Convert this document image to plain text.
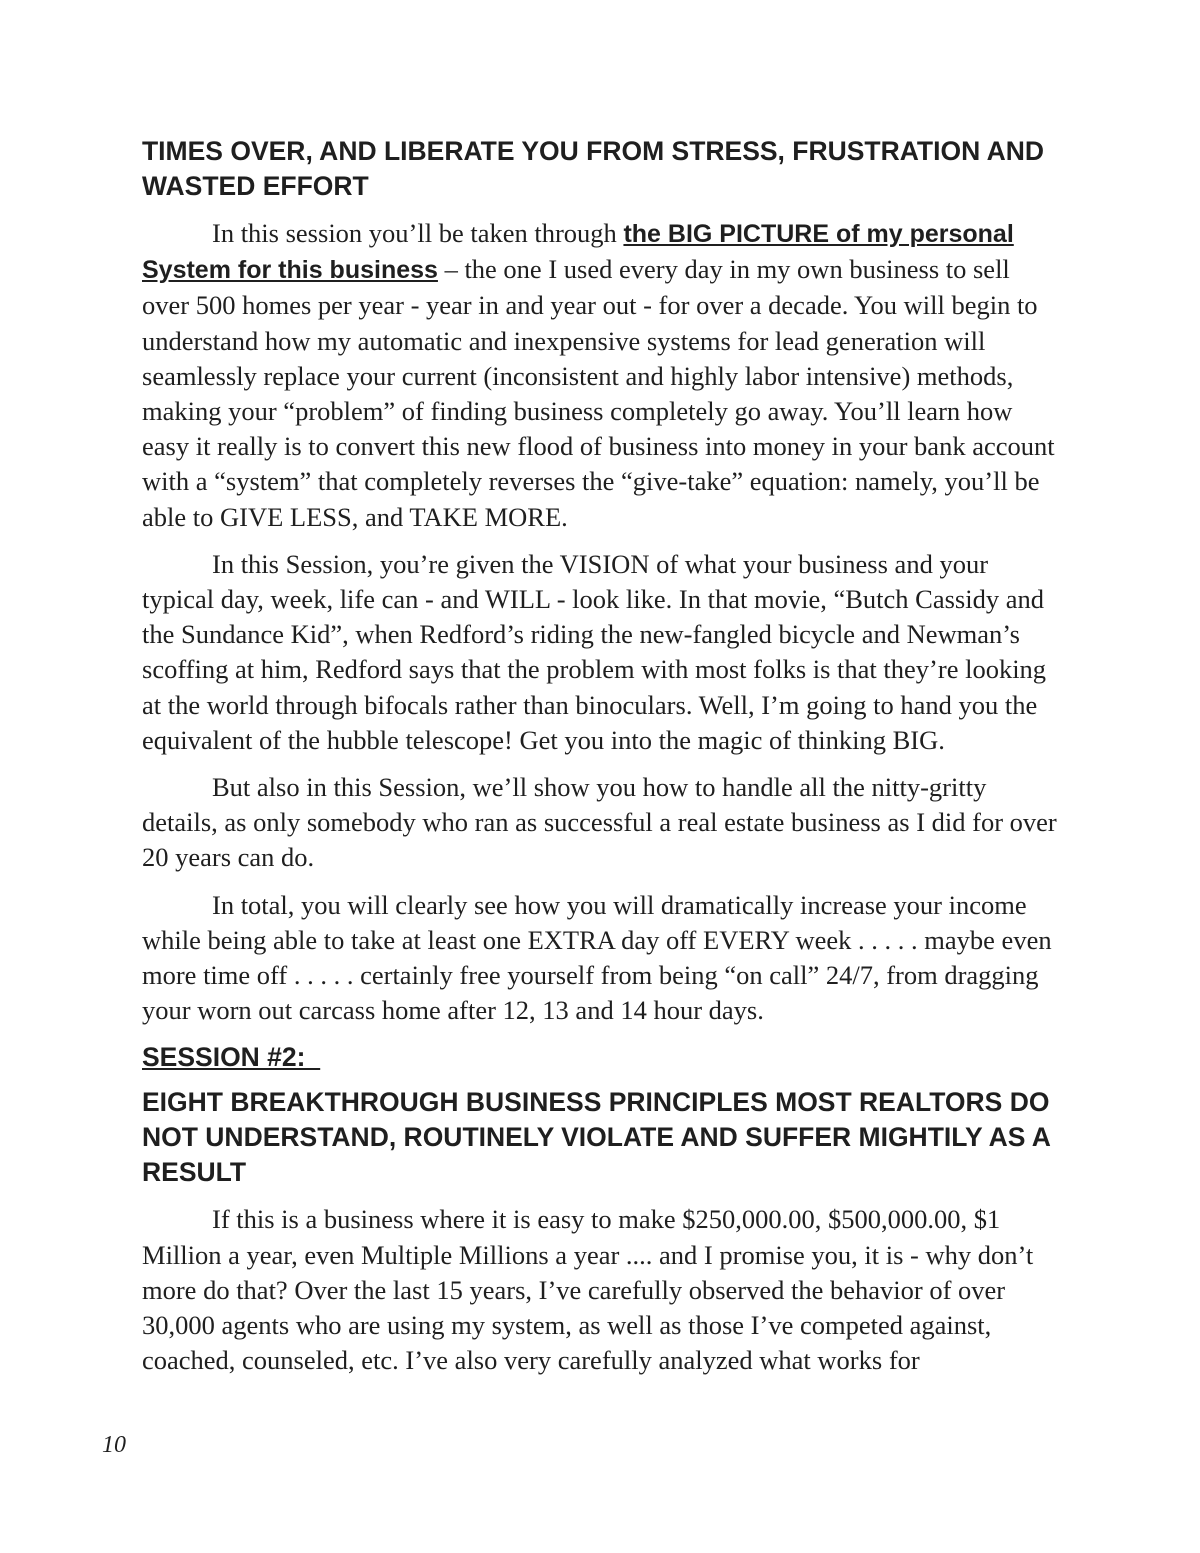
TIMES OVER, AND LIBERATE YOU FROM STRESS, FRUSTRATION AND WASTED EFFORT

In this session you’ll be taken through the BIG PICTURE of my personal System for this business – the one I used every day in my own business to sell over 500 homes per year - year in and year out - for over a decade. You will begin to understand how my automatic and inexpensive systems for lead generation will seamlessly replace your current (inconsistent and highly labor intensive) methods, making your “problem” of finding business completely go away. You’ll learn how easy it really is to convert this new flood of business into money in your bank account with a “system” that completely reverses the “give-take” equation: namely, you’ll be able to GIVE LESS, and TAKE MORE.

In this Session, you’re given the VISION of what your business and your typical day, week, life can - and WILL - look like. In that movie, “Butch Cassidy and the Sundance Kid”, when Redford’s riding the new-fangled bicycle and Newman’s scoffing at him, Redford says that the problem with most folks is that they’re looking at the world through bifocals rather than binoculars. Well, I’m going to hand you the equivalent of the hubble telescope! Get you into the magic of thinking BIG.

But also in this Session, we’ll show you how to handle all the nitty-gritty details, as only somebody who ran as successful a real estate business as I did for over 20 years can do.

In total, you will clearly see how you will dramatically increase your income while being able to take at least one EXTRA day off EVERY week . . . . . maybe even more time off . . . . . certainly free yourself from being “on call” 24/7, from dragging your worn out carcass home after 12, 13 and 14 hour days.

SESSION #2:
EIGHT BREAKTHROUGH BUSINESS PRINCIPLES MOST REALTORS DO NOT UNDERSTAND, ROUTINELY VIOLATE AND SUFFER MIGHTILY AS A RESULT

If this is a business where it is easy to make $250,000.00, $500,000.00, $1 Million a year, even Multiple Millions a year .... and I promise you, it is - why don’t more do that? Over the last 15 years, I’ve carefully observed the behavior of over 30,000 agents who are using my system, as well as those I’ve competed against, coached, counseled, etc. I’ve also very carefully analyzed what works for

10
